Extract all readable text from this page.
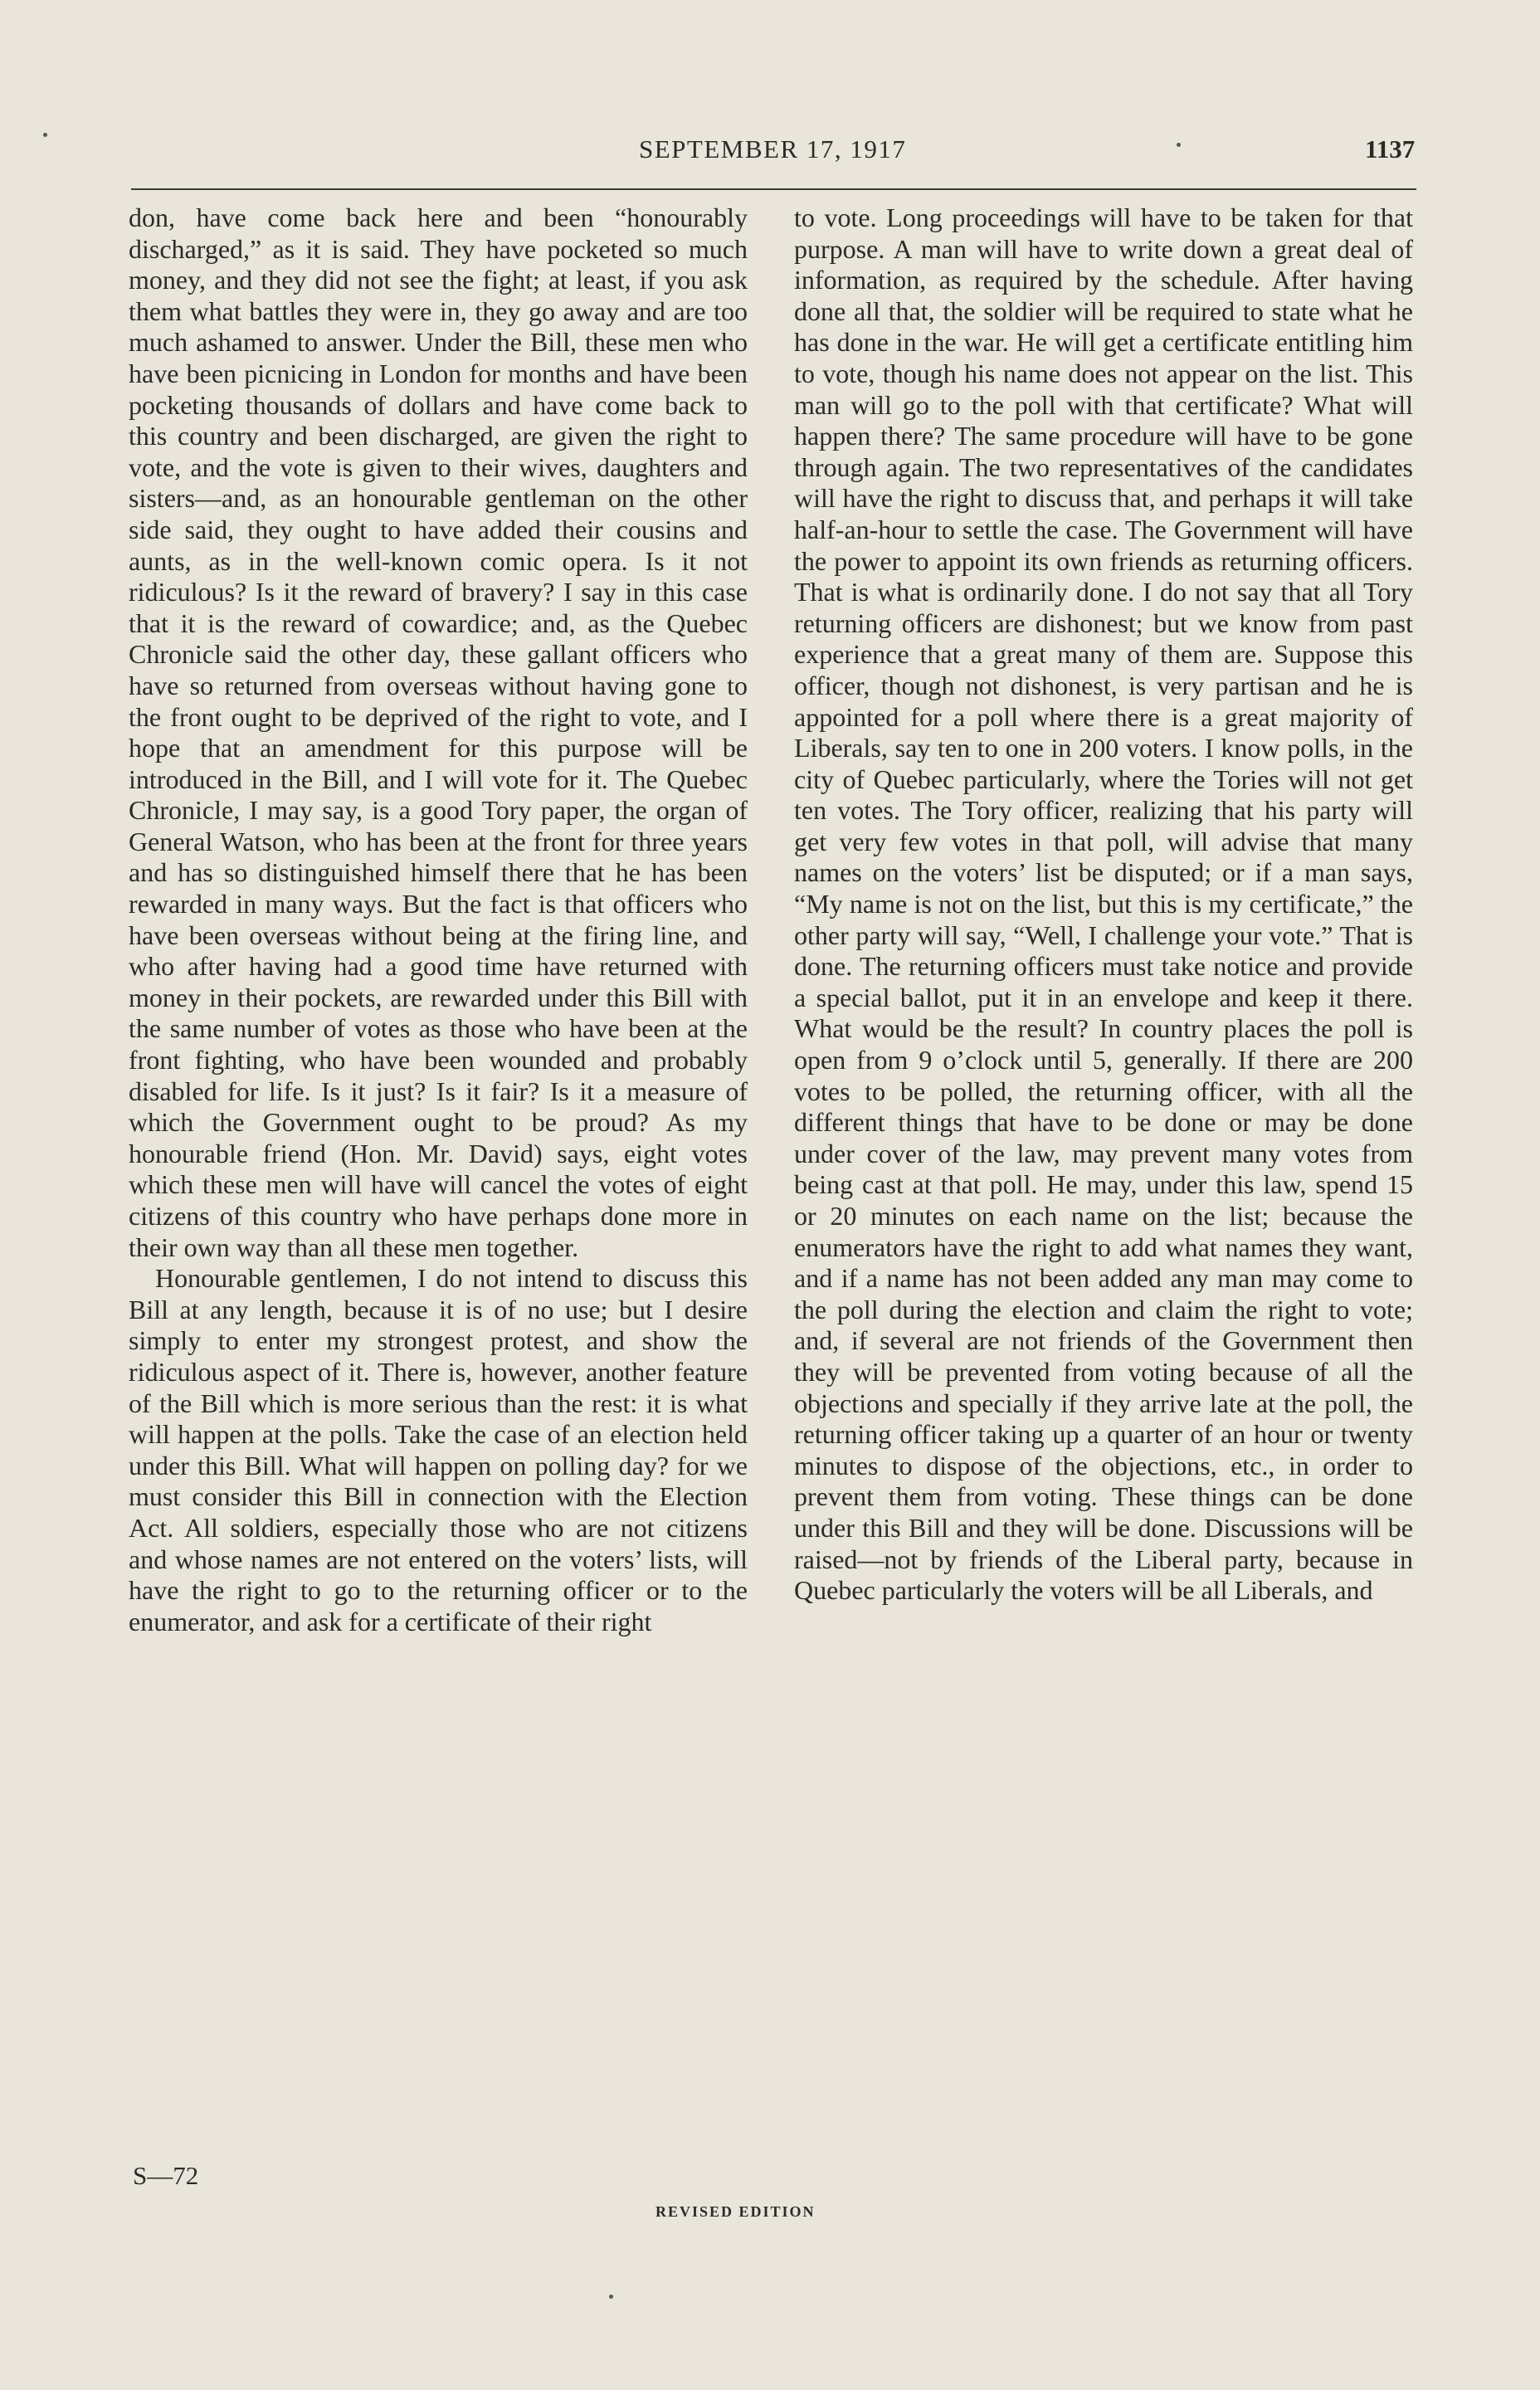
SEPTEMBER 17, 1917	1137

don, have come back here and been “honourably discharged,” as it is said. They have pocketed so much money, and they did not see the fight; at least, if you ask them what battles they were in, they go away and are too much ashamed to answer. Under the Bill, these men who have been picnicing in London for months and have been pocketing thousands of dollars and have come back to this country and been discharged, are given the right to vote, and the vote is given to their wives, daughters and sisters—and, as an honourable gentleman on the other side said, they ought to have added their cousins and aunts, as in the well-known comic opera. Is it not ridiculous? Is it the reward of bravery? I say in this case that it is the reward of cowardice; and, as the Quebec Chronicle said the other day, these gallant officers who have so returned from overseas without having gone to the front ought to be deprived of the right to vote, and I hope that an amendment for this purpose will be introduced in the Bill, and I will vote for it. The Quebec Chronicle, I may say, is a good Tory paper, the organ of General Watson, who has been at the front for three years and has so distinguished himself there that he has been rewarded in many ways. But the fact is that officers who have been overseas without being at the firing line, and who after having had a good time have returned with money in their pockets, are rewarded under this Bill with the same number of votes as those who have been at the front fighting, who have been wounded and probably disabled for life. Is it just? Is it fair? Is it a measure of which the Government ought to be proud? As my honourable friend (Hon. Mr. David) says, eight votes which these men will have will cancel the votes of eight citizens of this country who have perhaps done more in their own way than all these men together.

Honourable gentlemen, I do not intend to discuss this Bill at any length, because it is of no use; but I desire simply to enter my strongest protest, and show the ridiculous aspect of it. There is, however, another feature of the Bill which is more serious than the rest: it is what will happen at the polls. Take the case of an election held under this Bill. What will happen on polling day? for we must consider this Bill in connection with the Election Act. All soldiers, especially those who are not citizens and whose names are not entered on the voters’ lists, will have the right to go to the returning officer or to the enumerator, and ask for a certificate of their right

to vote. Long proceedings will have to be taken for that purpose. A man will have to write down a great deal of information, as required by the schedule. After having done all that, the soldier will be required to state what he has done in the war. He will get a certificate entitling him to vote, though his name does not appear on the list. This man will go to the poll with that certificate? What will happen there? The same procedure will have to be gone through again. The two representatives of the candidates will have the right to discuss that, and perhaps it will take half-an-hour to settle the case. The Government will have the power to appoint its own friends as returning officers. That is what is ordinarily done. I do not say that all Tory returning officers are dishonest; but we know from past experience that a great many of them are. Suppose this officer, though not dishonest, is very partisan and he is appointed for a poll where there is a great majority of Liberals, say ten to one in 200 voters. I know polls, in the city of Quebec particularly, where the Tories will not get ten votes. The Tory officer, realizing that his party will get very few votes in that poll, will advise that many names on the voters’ list be disputed; or if a man says, “My name is not on the list, but this is my certificate,” the other party will say, “Well, I challenge your vote.” That is done. The returning officers must take notice and provide a special ballot, put it in an envelope and keep it there. What would be the result? In country places the poll is open from 9 o’clock until 5, generally. If there are 200 votes to be polled, the returning officer, with all the different things that have to be done or may be done under cover of the law, may prevent many votes from being cast at that poll. He may, under this law, spend 15 or 20 minutes on each name on the list; because the enumerators have the right to add what names they want, and if a name has not been added any man may come to the poll during the election and claim the right to vote; and, if several are not friends of the Government then they will be prevented from voting because of all the objections and specially if they arrive late at the poll, the returning officer taking up a quarter of an hour or twenty minutes to dispose of the objections, etc., in order to prevent them from voting. These things can be done under this Bill and they will be done. Discussions will be raised—not by friends of the Liberal party, because in Quebec particularly the voters will be all Liberals, and

S—72
REVISED EDITION
